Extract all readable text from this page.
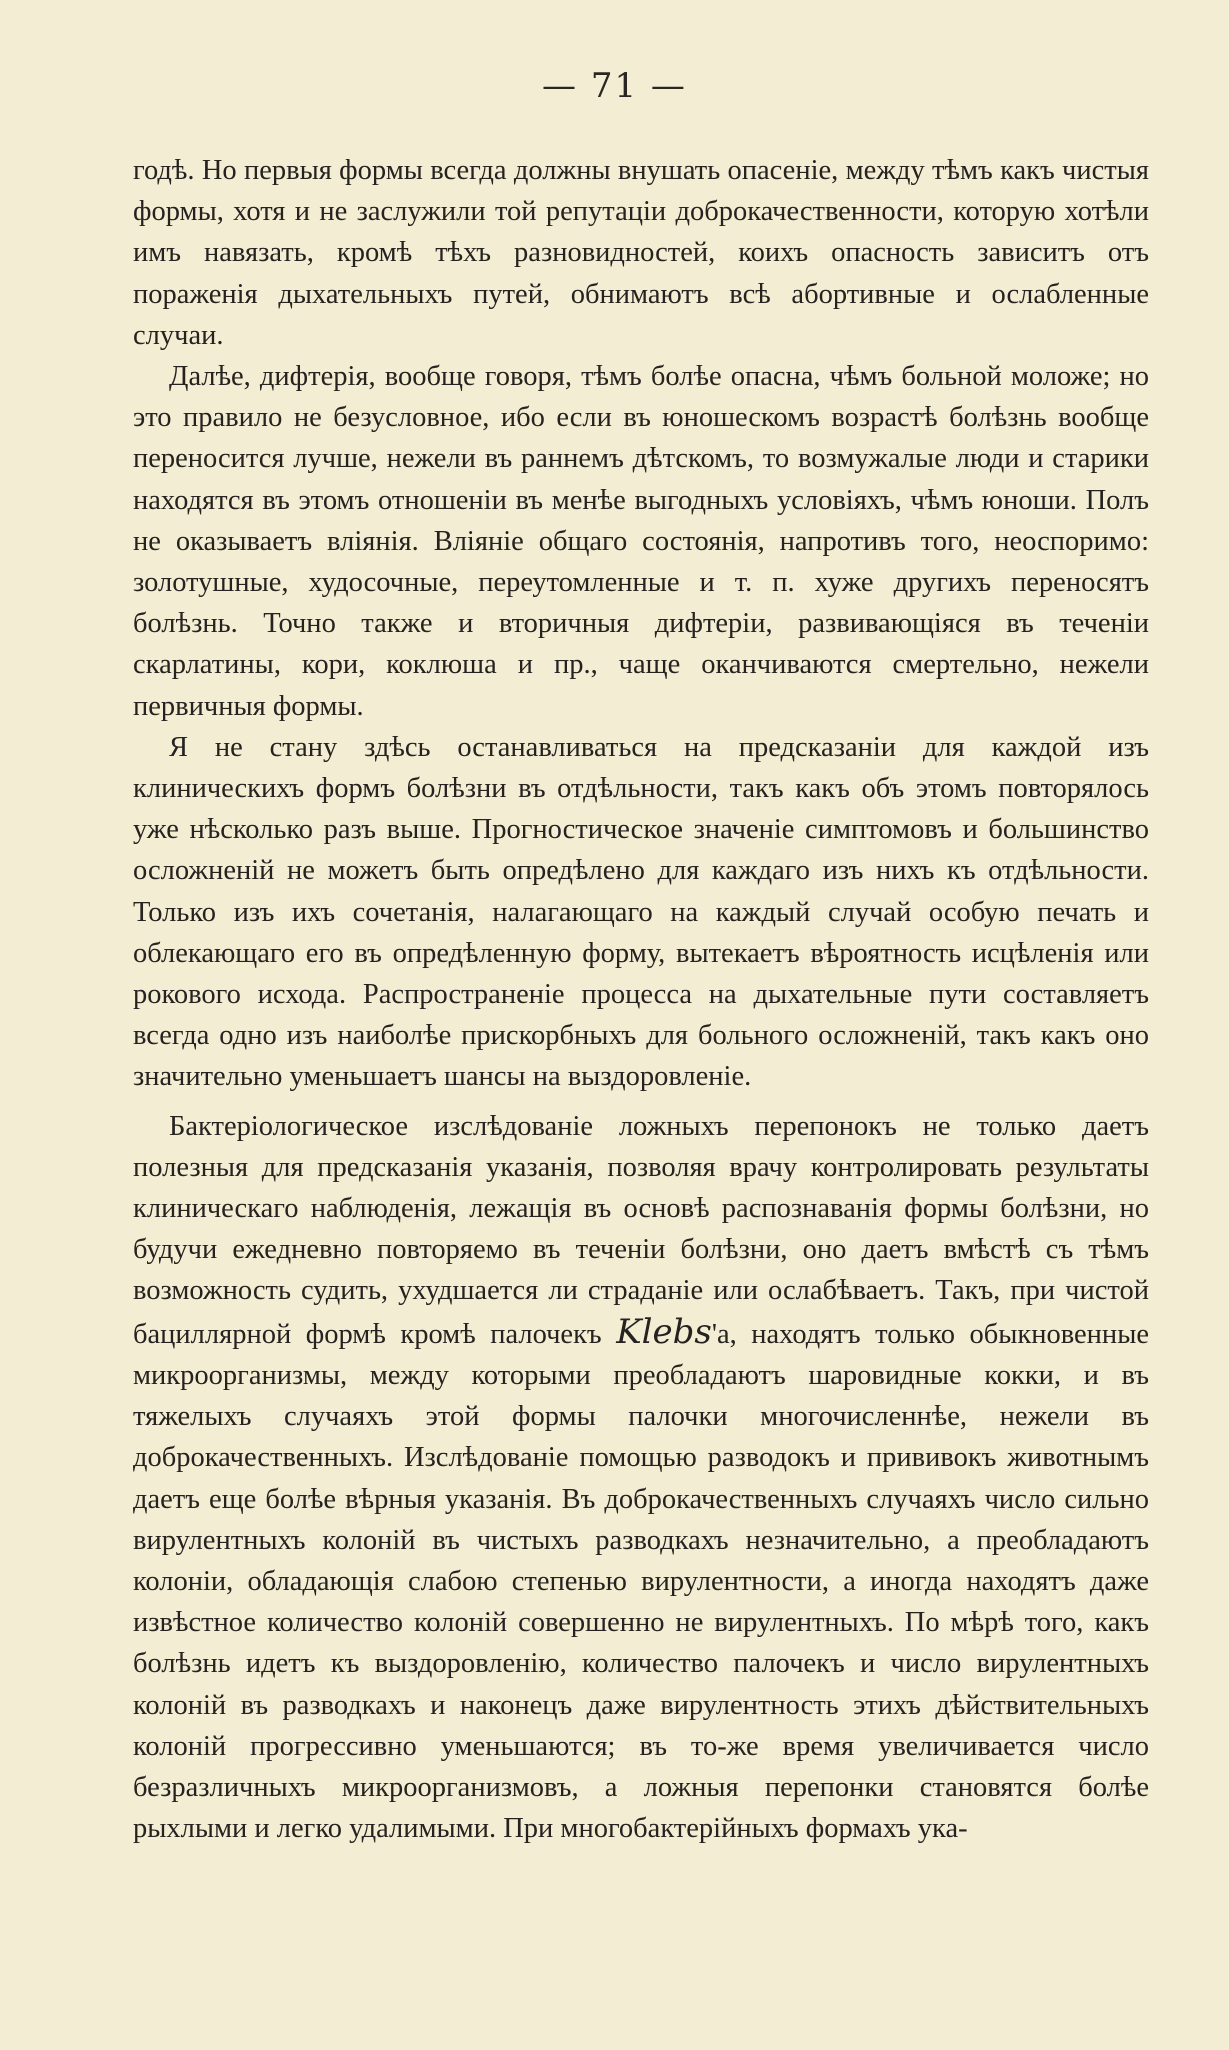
— 71 —

годѣ. Но первыя формы всегда должны внушать опасеніе, между тѣмъ какъ чистыя формы, хотя и не заслужили той репутаціи доброкачественности, которую хотѣли имъ навязать, кромѣ тѣхъ разновидностей, коихъ опасность зависитъ отъ пораженія дыхательныхъ путей, обнимаютъ всѣ абортивные и ослабленные случаи.

Далѣе, дифтерія, вообще говоря, тѣмъ болѣе опасна, чѣмъ больной моложе; но это правило не безусловное, ибо если въ юношескомъ возрастѣ болѣзнь вообще переносится лучше, нежели въ раннемъ дѣтскомъ, то возмужалые люди и старики находятся въ этомъ отношеніи въ менѣе выгодныхъ условіяхъ, чѣмъ юноши. Полъ не оказываетъ вліянія. Вліяніе общаго состоянія, напротивъ того, неоспоримо: золотушные, худосочные, переутомленные и т. п. хуже другихъ переносятъ болѣзнь. Точно также и вторичныя дифтеріи, развивающіяся въ теченіи скарлатины, кори, коклюша и пр., чаще оканчиваются смертельно, нежели первичныя формы.

Я не стану здѣсь останавливаться на предсказаніи для каждой изъ клиническихъ формъ болѣзни въ отдѣльности, такъ какъ объ этомъ повторялось уже нѣсколько разъ выше. Прогностическое значеніе симптомовъ и большинство осложненій не можетъ быть опредѣлено для каждаго изъ нихъ къ отдѣльности. Только изъ ихъ сочетанія, налагающаго на каждый случай особую печать и облекающаго его въ опредѣленную форму, вытекаетъ вѣроятность исцѣленія или рокового исхода. Распространеніе процесса на дыхательные пути составляетъ всегда одно изъ наиболѣе прискорбныхъ для больного осложненій, такъ какъ оно значительно уменьшаетъ шансы на выздоровленіе.

Бактеріологическое изслѣдованіе ложныхъ перепонокъ не только даетъ полезныя для предсказанія указанія, позволяя врачу контролировать результаты клиническаго наблюденія, лежащія въ основѣ распознаванія формы болѣзни, но будучи ежедневно повторяемо въ теченіи болѣзни, оно даетъ вмѣстѣ съ тѣмъ возможность судить, ухудшается ли страданіе или ослабѣваетъ. Такъ, при чистой бациллярной формѣ кромѣ палочекъ Klebs'а, находятъ только обыкновенные микроорганизмы, между которыми преобладаютъ шаровидные кокки, и въ тяжелыхъ случаяхъ этой формы палочки многочисленнѣе, нежели въ доброкачественныхъ. Изслѣдованіе помощью разводокъ и прививокъ животнымъ даетъ еще болѣе вѣрныя указанія. Въ доброкачественныхъ случаяхъ число сильно вирулентныхъ колоній въ чистыхъ разводкахъ незначительно, а преобладаютъ колоніи, обладающія слабою степенью вирулентности, а иногда находятъ даже извѣстное количество колоній совершенно не вирулентныхъ. По мѣрѣ того, какъ болѣзнь идетъ къ выздоровленію, количество палочекъ и число вирулентныхъ колоній въ разводкахъ и наконецъ даже вирулентность этихъ дѣйствительныхъ колоній прогрессивно уменьшаются; въ то-же время увеличивается число безразличныхъ микроорганизмовъ, а ложныя перепонки становятся болѣе рыхлыми и легко удалимыми. При многобактерійныхъ формахъ ука-
